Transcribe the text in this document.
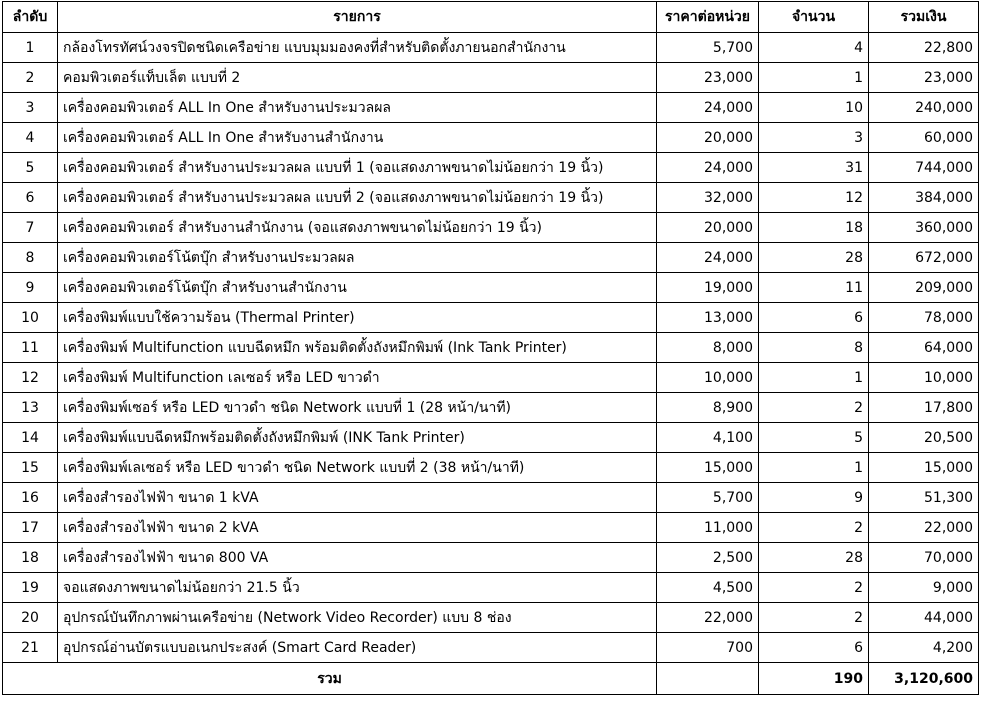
ลำดับ	รายการ	ราคาต่อหน่วย	จำนวน	รวมเงิน
1	กล้องโทรทัศน์วงจรปิดชนิดเครือข่าย แบบมุมมองคงที่สำหรับติดตั้งภายนอกสำนักงาน	5,700	4	22,800
2	คอมพิวเตอร์แท็บเล็ต แบบที่ 2	23,000	1	23,000
3	เครื่องคอมพิวเตอร์ ALL In One สำหรับงานประมวลผล	24,000	10	240,000
4	เครื่องคอมพิวเตอร์ ALL In One สำหรับงานสำนักงาน	20,000	3	60,000
5	เครื่องคอมพิวเตอร์ สำหรับงานประมวลผล แบบที่ 1 (จอแสดงภาพขนาดไม่น้อยกว่า 19 นิ้ว)	24,000	31	744,000
6	เครื่องคอมพิวเตอร์ สำหรับงานประมวลผล แบบที่ 2 (จอแสดงภาพขนาดไม่น้อยกว่า 19 นิ้ว)	32,000	12	384,000
7	เครื่องคอมพิวเตอร์ สำหรับงานสำนักงาน (จอแสดงภาพขนาดไม่น้อยกว่า 19 นิ้ว)	20,000	18	360,000
8	เครื่องคอมพิวเตอร์โน้ตบุ๊ก สำหรับงานประมวลผล	24,000	28	672,000
9	เครื่องคอมพิวเตอร์โน้ตบุ๊ก สำหรับงานสำนักงาน	19,000	11	209,000
10	เครื่องพิมพ์แบบใช้ความร้อน (Thermal Printer)	13,000	6	78,000
11	เครื่องพิมพ์ Multifunction แบบฉีดหมึก พร้อมติดตั้งถังหมึกพิมพ์ (Ink Tank Printer)	8,000	8	64,000
12	เครื่องพิมพ์ Multifunction เลเซอร์ หรือ LED ขาวดำ	10,000	1	10,000
13	เครื่องพิมพ์เซอร์ หรือ LED ขาวดำ ชนิด Network แบบที่ 1 (28 หน้า/นาที)	8,900	2	17,800
14	เครื่องพิมพ์แบบฉีดหมึกพร้อมติดตั้งถังหมึกพิมพ์ (INK Tank Printer)	4,100	5	20,500
15	เครื่องพิมพ์เลเซอร์ หรือ LED ขาวดำ ชนิด Network แบบที่ 2 (38 หน้า/นาที)	15,000	1	15,000
16	เครื่องสำรองไฟฟ้า ขนาด 1 kVA	5,700	9	51,300
17	เครื่องสำรองไฟฟ้า ขนาด 2 kVA	11,000	2	22,000
18	เครื่องสำรองไฟฟ้า ขนาด 800 VA	2,500	28	70,000
19	จอแสดงภาพขนาดไม่น้อยกว่า 21.5 นิ้ว	4,500	2	9,000
20	อุปกรณ์บันทึกภาพผ่านเครือข่าย (Network Video Recorder) แบบ 8 ช่อง	22,000	2	44,000
21	อุปกรณ์อ่านบัตรแบบอเนกประสงค์ (Smart Card Reader)	700	6	4,200
รวม			190	3,120,600
